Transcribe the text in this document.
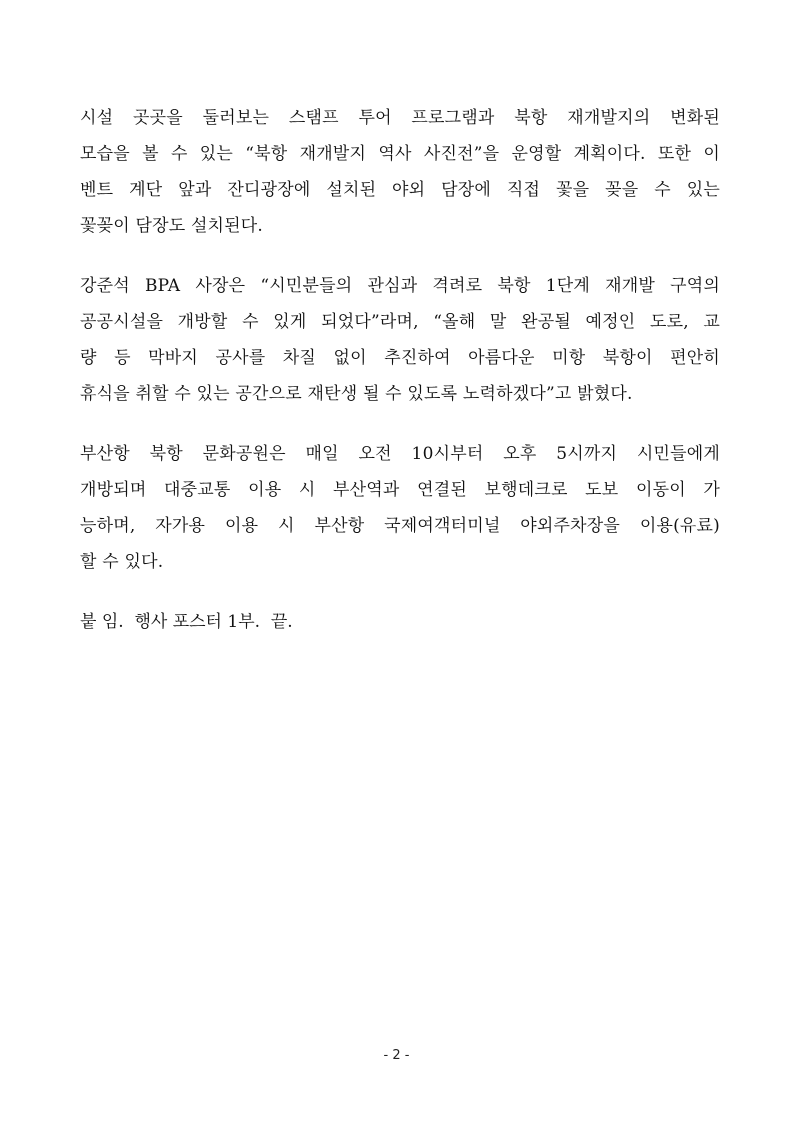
시설 곳곳을 둘러보는 스탬프 투어 프로그램과 북항 재개발지의 변화된
모습을 볼 수 있는 “북항 재개발지 역사 사진전”을 운영할 계획이다. 또한 이
벤트 계단 앞과 잔디광장에 설치된 야외 담장에 직접 꽃을 꽂을 수 있는
꽃꽂이 담장도 설치된다.
강준석 BPA 사장은 “시민분들의 관심과 격려로 북항 1단계 재개발 구역의
공공시설을 개방할 수 있게 되었다”라며, “올해 말 완공될 예정인 도로, 교
량 등 막바지 공사를 차질 없이 추진하여 아름다운 미항 북항이 편안히
휴식을 취할 수 있는 공간으로 재탄생 될 수 있도록 노력하겠다”고 밝혔다.
부산항 북항 문화공원은 매일 오전 10시부터 오후 5시까지 시민들에게
개방되며 대중교통 이용 시 부산역과 연결된 보행데크로 도보 이동이 가
능하며, 자가용 이용 시 부산항 국제여객터미널 야외주차장을 이용(유료)
할 수 있다.
붙 임.  행사 포스터 1부.  끝.
- 2 -
